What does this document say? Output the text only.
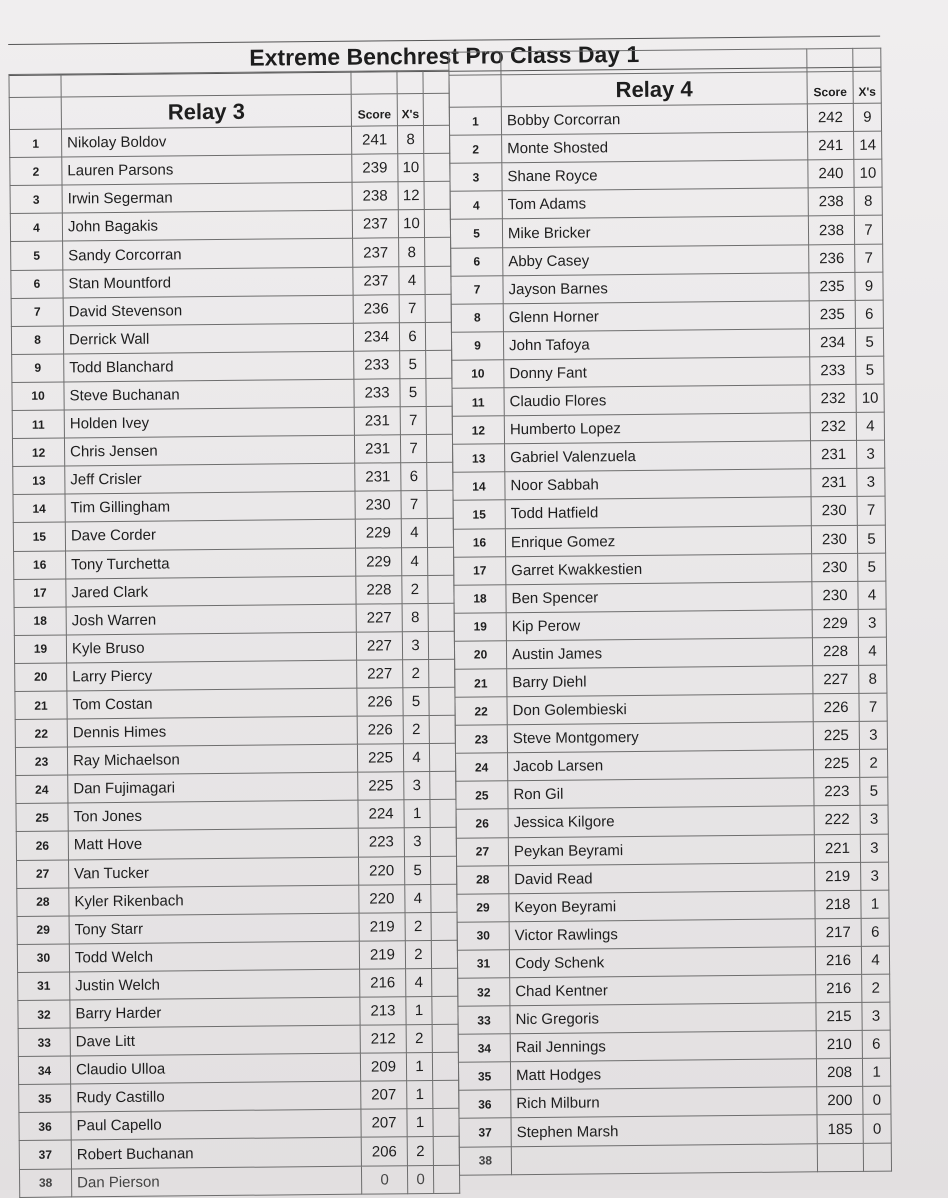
Extreme Benchrest Pro Class Day 1

	Relay 3	Score	X's	
1	Nikolay Boldov	241	8	
2	Lauren Parsons	239	10	
3	Irwin Segerman	238	12	
4	John Bagakis	237	10	
5	Sandy Corcorran	237	8	
6	Stan Mountford	237	4	
7	David Stevenson	236	7	
8	Derrick Wall	234	6	
9	Todd Blanchard	233	5	
10	Steve Buchanan	233	5	
11	Holden Ivey	231	7	
12	Chris Jensen	231	7	
13	Jeff Crisler	231	6	
14	Tim Gillingham	230	7	
15	Dave Corder	229	4	
16	Tony Turchetta	229	4	
17	Jared Clark	228	2	
18	Josh Warren	227	8	
19	Kyle Bruso	227	3	
20	Larry Piercy	227	2	
21	Tom Costan	226	5	
22	Dennis Himes	226	2	
23	Ray Michaelson	225	4	
24	Dan Fujimagari	225	3	
25	Ton Jones	224	1	
26	Matt Hove	223	3	
27	Van Tucker	220	5	
28	Kyler Rikenbach	220	4	
29	Tony Starr	219	2	
30	Todd Welch	219	2	
31	Justin Welch	216	4	
32	Barry Harder	213	1	
33	Dave Litt	212	2	
34	Claudio Ulloa	209	1	
35	Rudy Castillo	207	1	
36	Paul Capello	207	1	
37	Robert Buchanan	206	2	
38	Dan Pierson	0	0	

	Relay 4	Score	X's
1	Bobby Corcorran	242	9
2	Monte Shosted	241	14
3	Shane Royce	240	10
4	Tom Adams	238	8
5	Mike Bricker	238	7
6	Abby Casey	236	7
7	Jayson Barnes	235	9
8	Glenn Horner	235	6
9	John Tafoya	234	5
10	Donny Fant	233	5
11	Claudio Flores	232	10
12	Humberto Lopez	232	4
13	Gabriel Valenzuela	231	3
14	Noor Sabbah	231	3
15	Todd Hatfield	230	7
16	Enrique Gomez	230	5
17	Garret Kwakkestien	230	5
18	Ben Spencer	230	4
19	Kip Perow	229	3
20	Austin James	228	4
21	Barry Diehl	227	8
22	Don Golembieski	226	7
23	Steve Montgomery	225	3
24	Jacob Larsen	225	2
25	Ron Gil	223	5
26	Jessica Kilgore	222	3
27	Peykan Beyrami	221	3
28	David Read	219	3
29	Keyon Beyrami	218	1
30	Victor Rawlings	217	6
31	Cody Schenk	216	4
32	Chad Kentner	216	2
33	Nic Gregoris	215	3
34	Rail Jennings	210	6
35	Matt Hodges	208	1
36	Rich Milburn	200	0
37	Stephen Marsh	185	0
38			
